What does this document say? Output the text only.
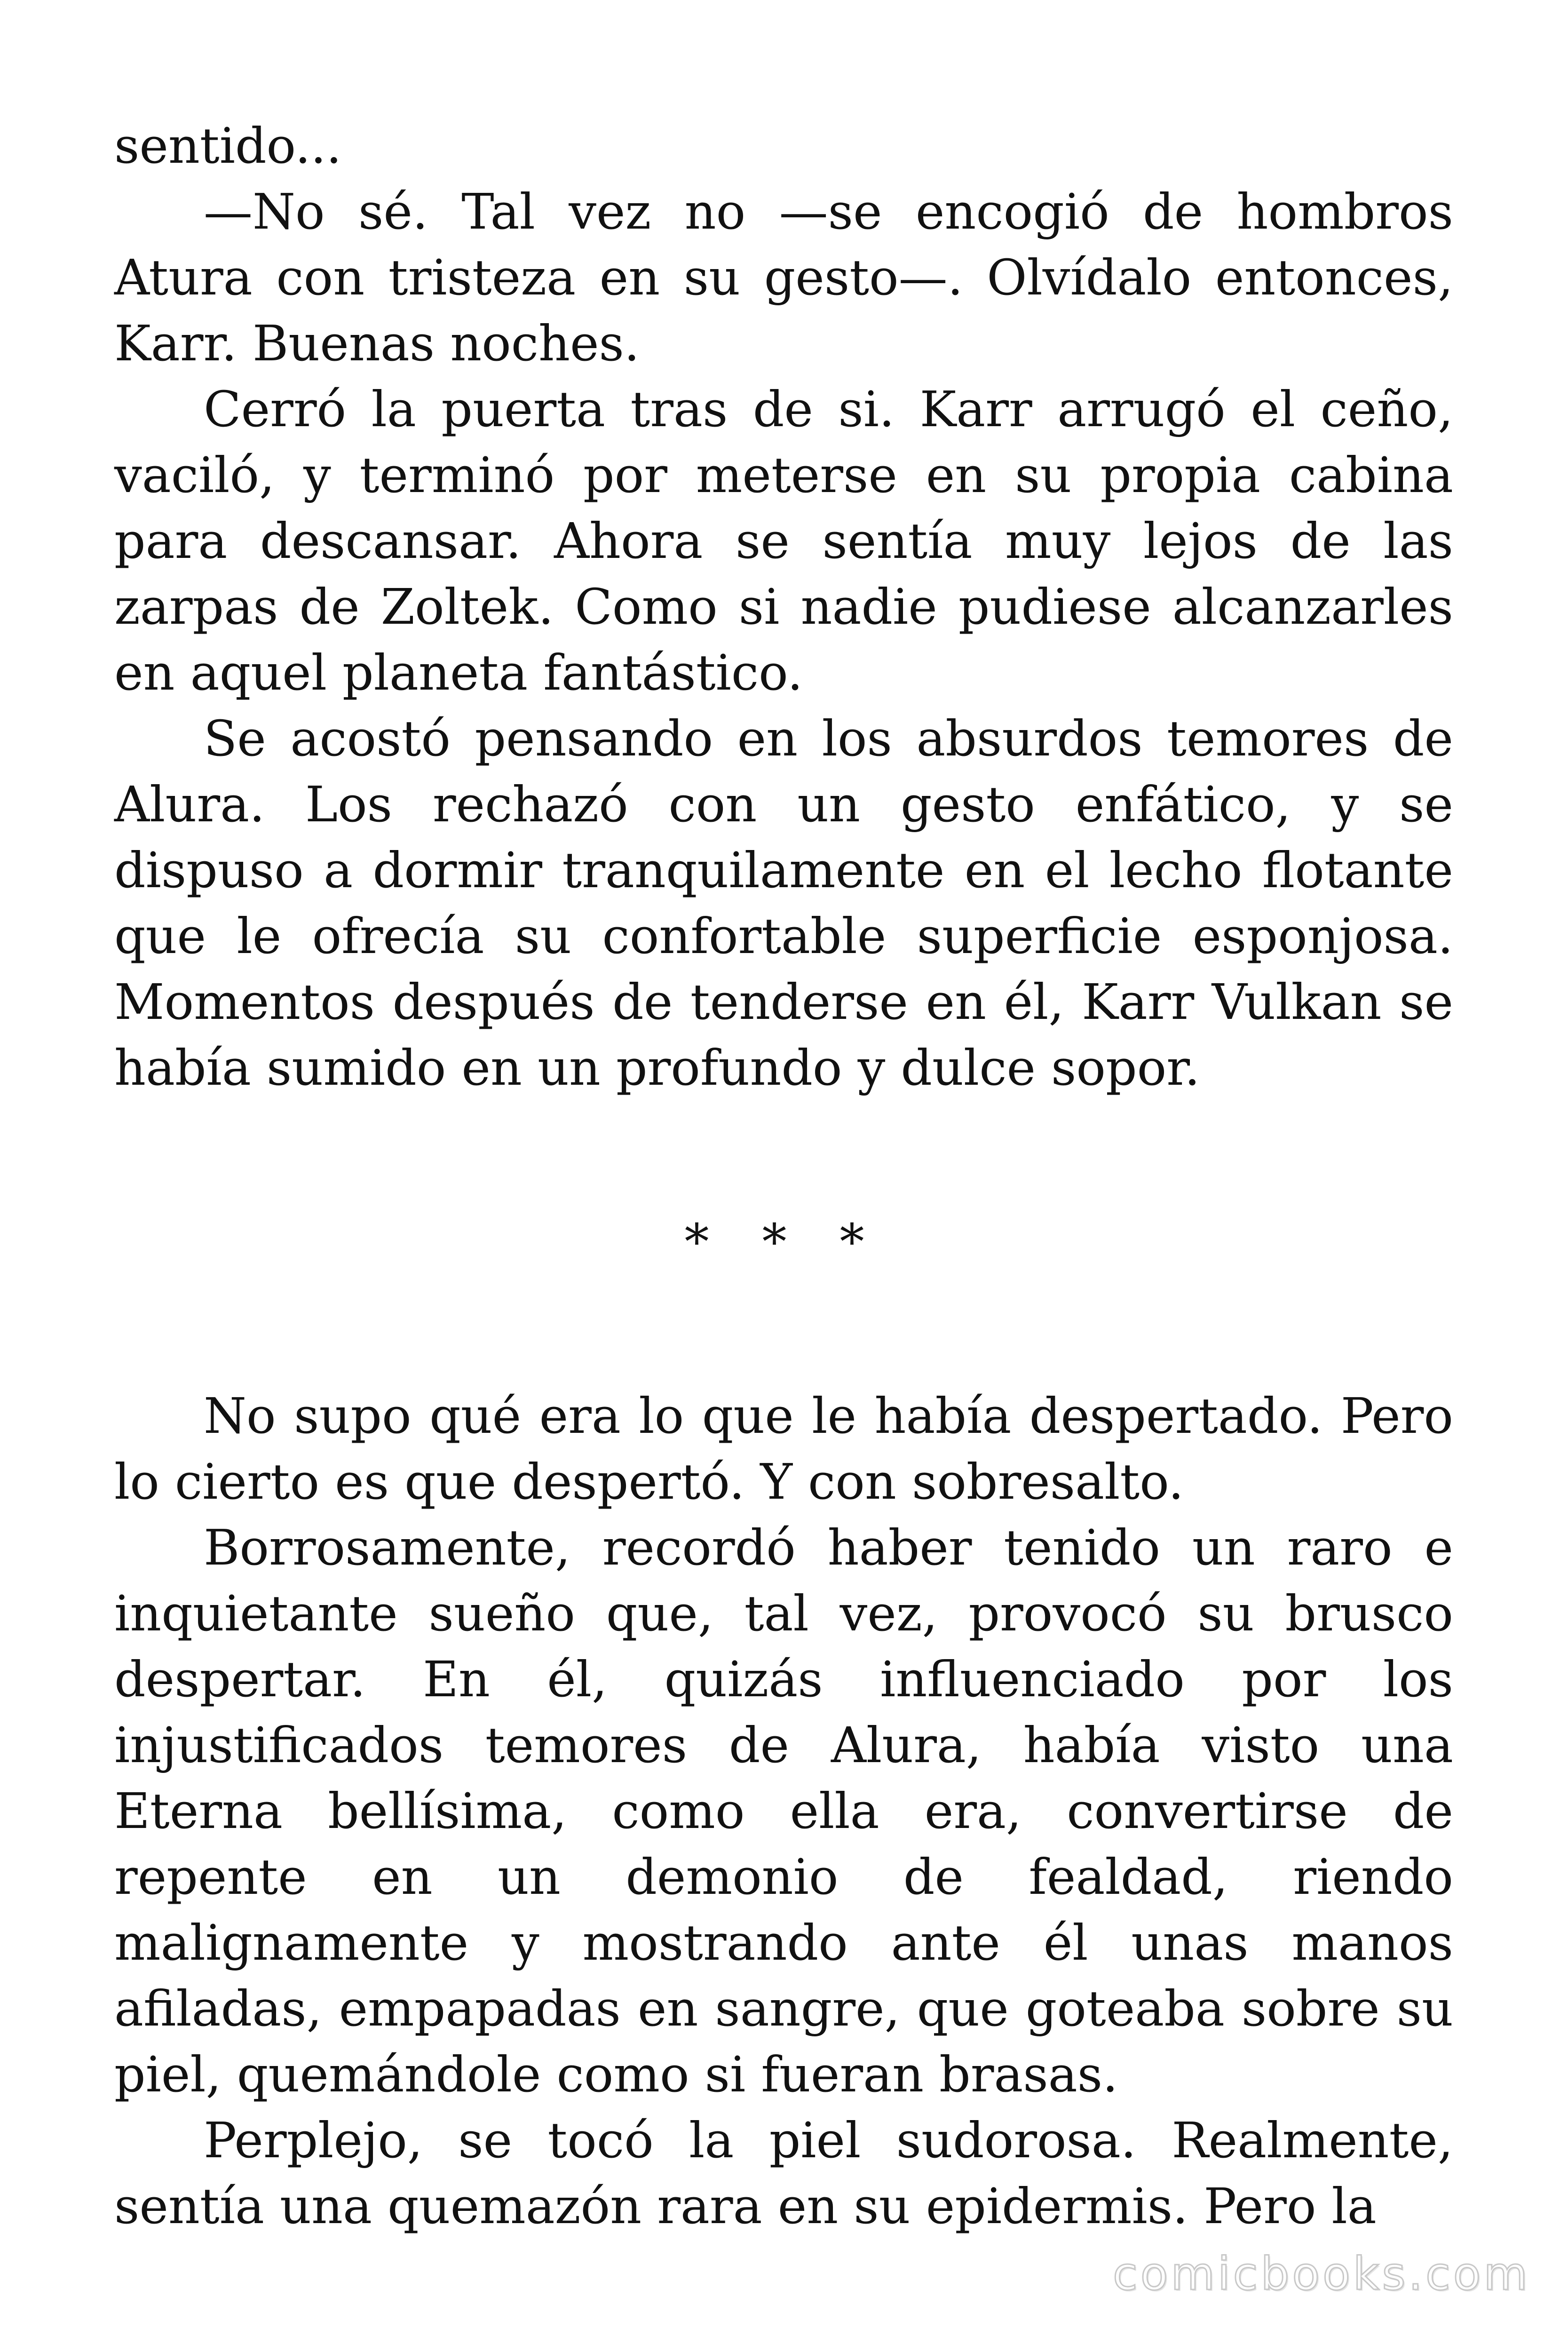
sentido...

—No sé. Tal vez no —se encogió de hombros Atura con tristeza en su gesto—. Olvídalo entonces, Karr. Buenas noches.

Cerró la puerta tras de si. Karr arrugó el ceño, vaciló, y terminó por meterse en su propia cabina para descansar. Ahora se sentía muy lejos de las zarpas de Zoltek. Como si nadie pudiese alcanzarles en aquel planeta fantástico.

Se acostó pensando en los absurdos temores de Alura. Los rechazó con un gesto enfático, y se dispuso a dormir tranquilamente en el lecho flotante que le ofrecía su confortable superficie esponjosa. Momentos después de tenderse en él, Karr Vulkan se había sumido en un profundo y dulce sopor.

* * *

No supo qué era lo que le había despertado. Pero lo cierto es que despertó. Y con sobresalto.

Borrosamente, recordó haber tenido un raro e inquietante sueño que, tal vez, provocó su brusco despertar. En él, quizás influenciado por los injustificados temores de Alura, había visto una Eterna bellísima, como ella era, convertirse de repente en un demonio de fealdad, riendo malignamente y mostrando ante él unas manos afiladas, empapadas en sangre, que goteaba sobre su piel, quemándole como si fueran brasas.

Perplejo, se tocó la piel sudorosa. Realmente, sentía una quemazón rara en su epidermis. Pero la

comicbooks.com
